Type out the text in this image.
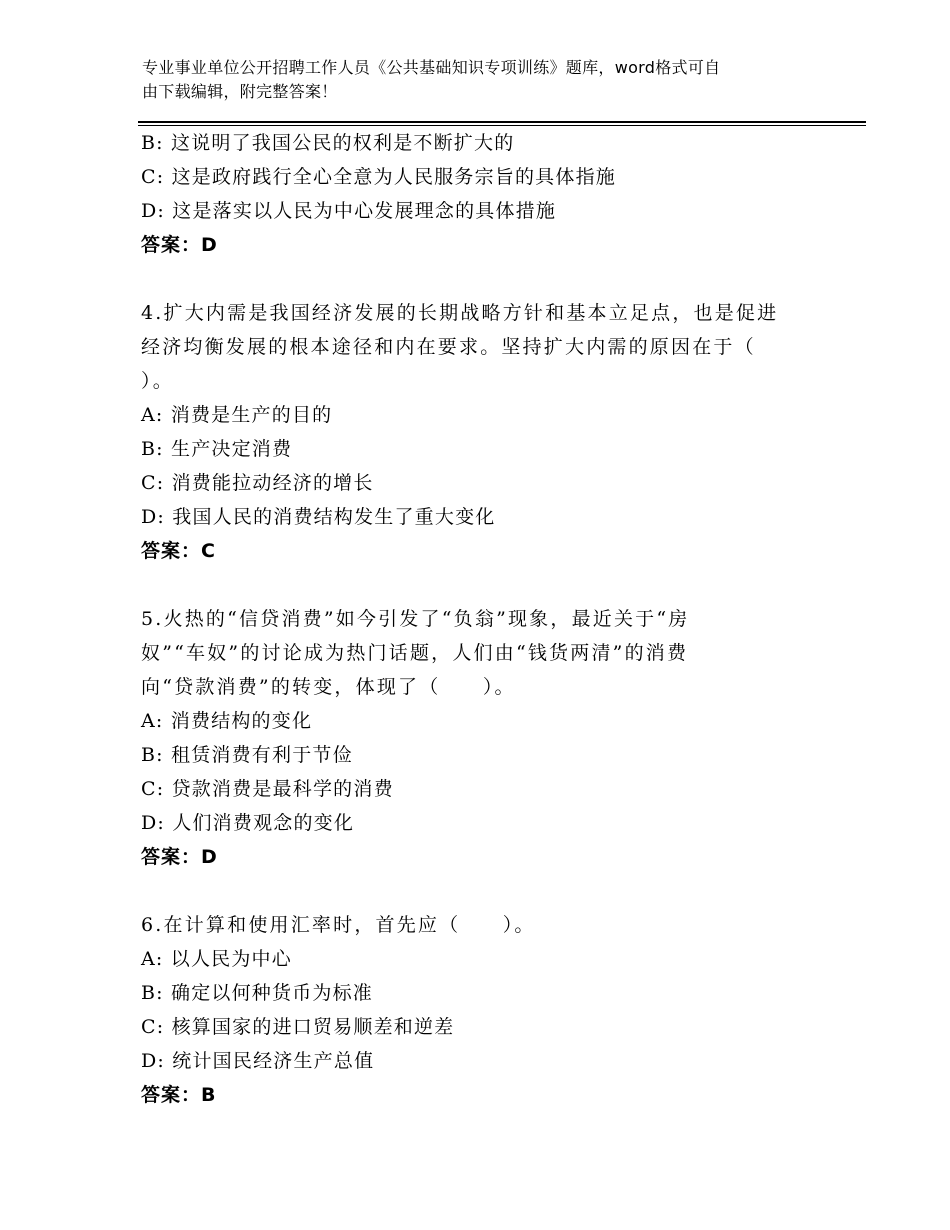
专业事业单位公开招聘工作人员《公共基础知识专项训练》题库，word格式可自
由下载编辑，附完整答案！
B: 这说明了我国公民的权利是不断扩大的
C: 这是政府践行全心全意为人民服务宗旨的具体指施
D: 这是落实以人民为中心发展理念的具体措施
答案：D
4.扩大内需是我国经济发展的长期战略方针和基本立足点，也是促进
经济均衡发展的根本途径和内在要求。坚持扩大内需的原因在于（
）。
A: 消费是生产的目的
B: 生产决定消费
C: 消费能拉动经济的增长
D: 我国人民的消费结构发生了重大变化
答案：C
5.火热的“信贷消费”如今引发了“负翁”现象，最近关于“房
奴”“车奴”的讨论成为热门话题，人们由“钱货两清”的消费
向“贷款消费”的转变，体现了（　　）。
A: 消费结构的变化
B: 租赁消费有利于节俭
C: 贷款消费是最科学的消费
D: 人们消费观念的变化
答案：D
6.在计算和使用汇率时，首先应（　　）。
A: 以人民为中心
B: 确定以何种货币为标准
C: 核算国家的进口贸易顺差和逆差
D: 统计国民经济生产总值
答案：B
